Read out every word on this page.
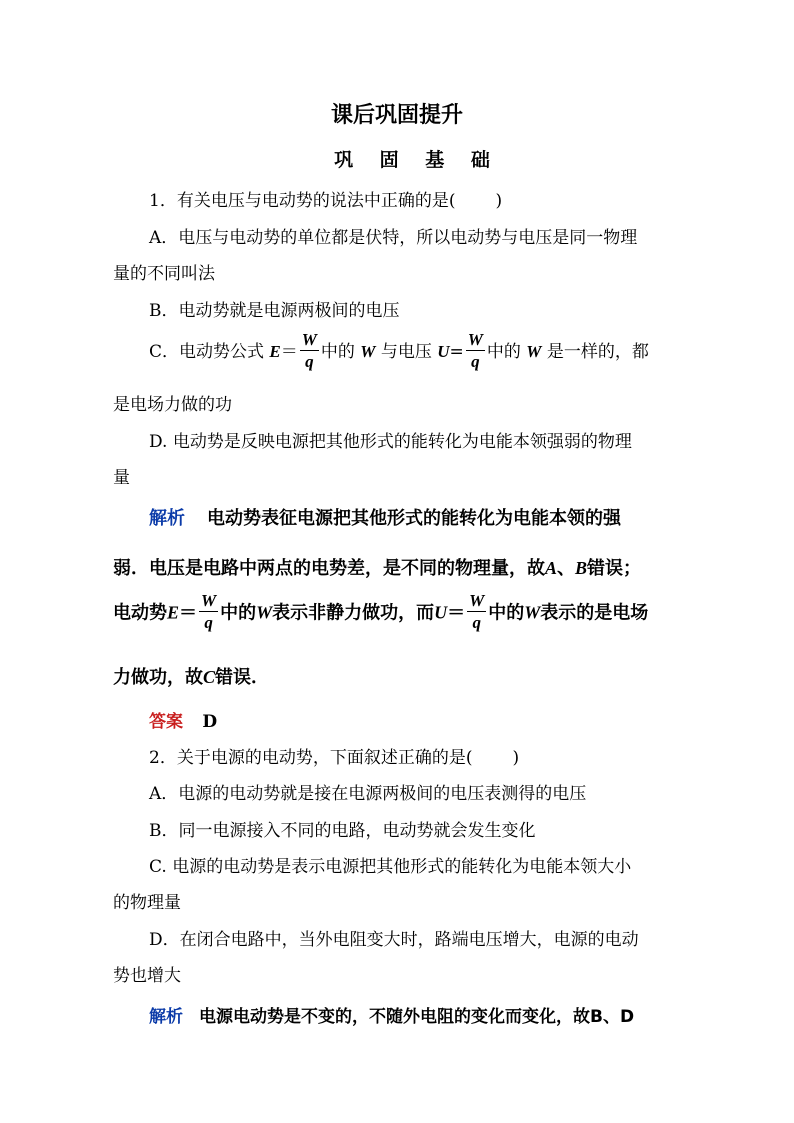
课后巩固提升
巩 固 基 础
1．有关电压与电动势的说法中正确的是( )
A．电压与电动势的单位都是伏特，所以电动势与电压是同一物理
量的不同叫法
B．电动势就是电源两极间的电压
C．电动势公式 $E= \frac{W}{q}$ 中的 W 与电压 $U= \frac{W}{q}$ 中的 W 是一样的，都
是电场力做的功
D. 电动势是反映电源把其他形式的能转化为电能本领强弱的物理
量
解析 电动势表征电源把其他形式的能转化为电能本领的强
弱．电压是电路中两点的电势差，是不同的物理量，故A、B错误；
电动势$E= \frac{W}{q}$ 中的W表示非静力做功，而$U= \frac{W}{q}$ 中的W表示的是电场
力做功，故C错误．
答案 D
2．关于电源的电动势，下面叙述正确的是( )
A．电源的电动势就是接在电源两极间的电压表测得的电压
B．同一电源接入不同的电路，电动势就会发生变化
C. 电源的电动势是表示电源把其他形式的能转化为电能本领大小
的物理量
D．在闭合电路中，当外电阻变大时，路端电压增大，电源的电动
势也增大
解析 电源电动势是不变的，不随外电阻的变化而变化，故B、D
